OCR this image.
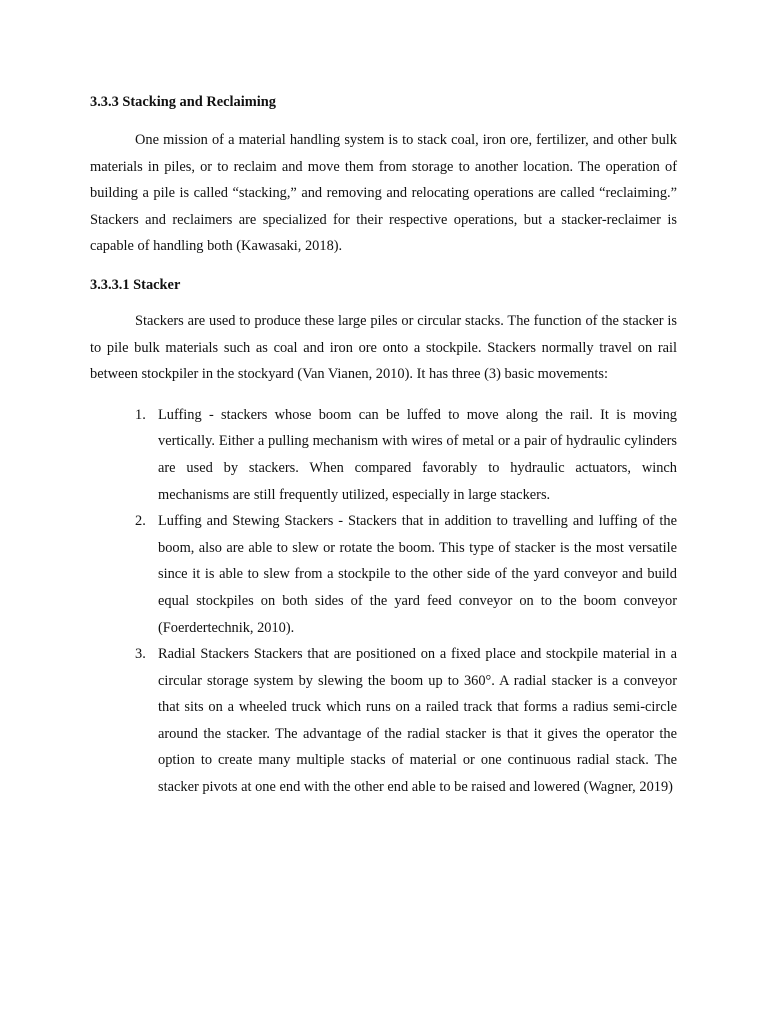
3.3.3 Stacking and Reclaiming

One mission of a material handling system is to stack coal, iron ore, fertilizer, and other bulk materials in piles, or to reclaim and move them from storage to another location. The operation of building a pile is called “stacking,” and removing and relocating operations are called “reclaiming.” Stackers and reclaimers are specialized for their respective operations, but a stacker-reclaimer is capable of handling both (Kawasaki, 2018).

3.3.3.1 Stacker

Stackers are used to produce these large piles or circular stacks. The function of the stacker is to pile bulk materials such as coal and iron ore onto a stockpile. Stackers normally travel on rail between stockpiler in the stockyard (Van Vianen, 2010). It has three (3) basic movements:

1. Luffing - stackers whose boom can be luffed to move along the rail. It is moving vertically. Either a pulling mechanism with wires of metal or a pair of hydraulic cylinders are used by stackers. When compared favorably to hydraulic actuators, winch mechanisms are still frequently utilized, especially in large stackers.
2. Luffing and Stewing Stackers - Stackers that in addition to travelling and luffing of the boom, also are able to slew or rotate the boom. This type of stacker is the most versatile since it is able to slew from a stockpile to the other side of the yard conveyor and build equal stockpiles on both sides of the yard feed conveyor on to the boom conveyor (Foerdertechnik, 2010).
3. Radial Stackers Stackers that are positioned on a fixed place and stockpile material in a circular storage system by slewing the boom up to 360°. A radial stacker is a conveyor that sits on a wheeled truck which runs on a railed track that forms a radius semi-circle around the stacker. The advantage of the radial stacker is that it gives the operator the option to create many multiple stacks of material or one continuous radial stack. The stacker pivots at one end with the other end able to be raised and lowered (Wagner, 2019)
